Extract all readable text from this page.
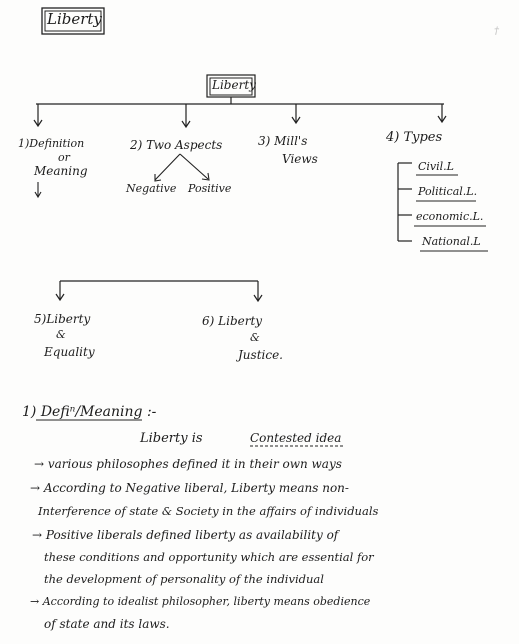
Liberty
†
Liberty
1)Definition
or
Meaning
2) Two Aspects
Negative Positive
3) Mill's
Views
4) Types
Civil.L
Political.L.
economic.L.
National.L
5)Liberty
&
Equality
6) Liberty
&
Justice.
1) Defiⁿ/Meaning :-
Liberty is	Contested idea
→ various philosophes defined it in their own ways
→ According to Negative liberal, Liberty means non-
Interference of state & Society in the affairs of individuals
→ Positive liberals defined liberty as availability of
these conditions and opportunity which are essential for
the development of personality of the individual
→ According to idealist philosopher, liberty means obedience
of state and its laws.
